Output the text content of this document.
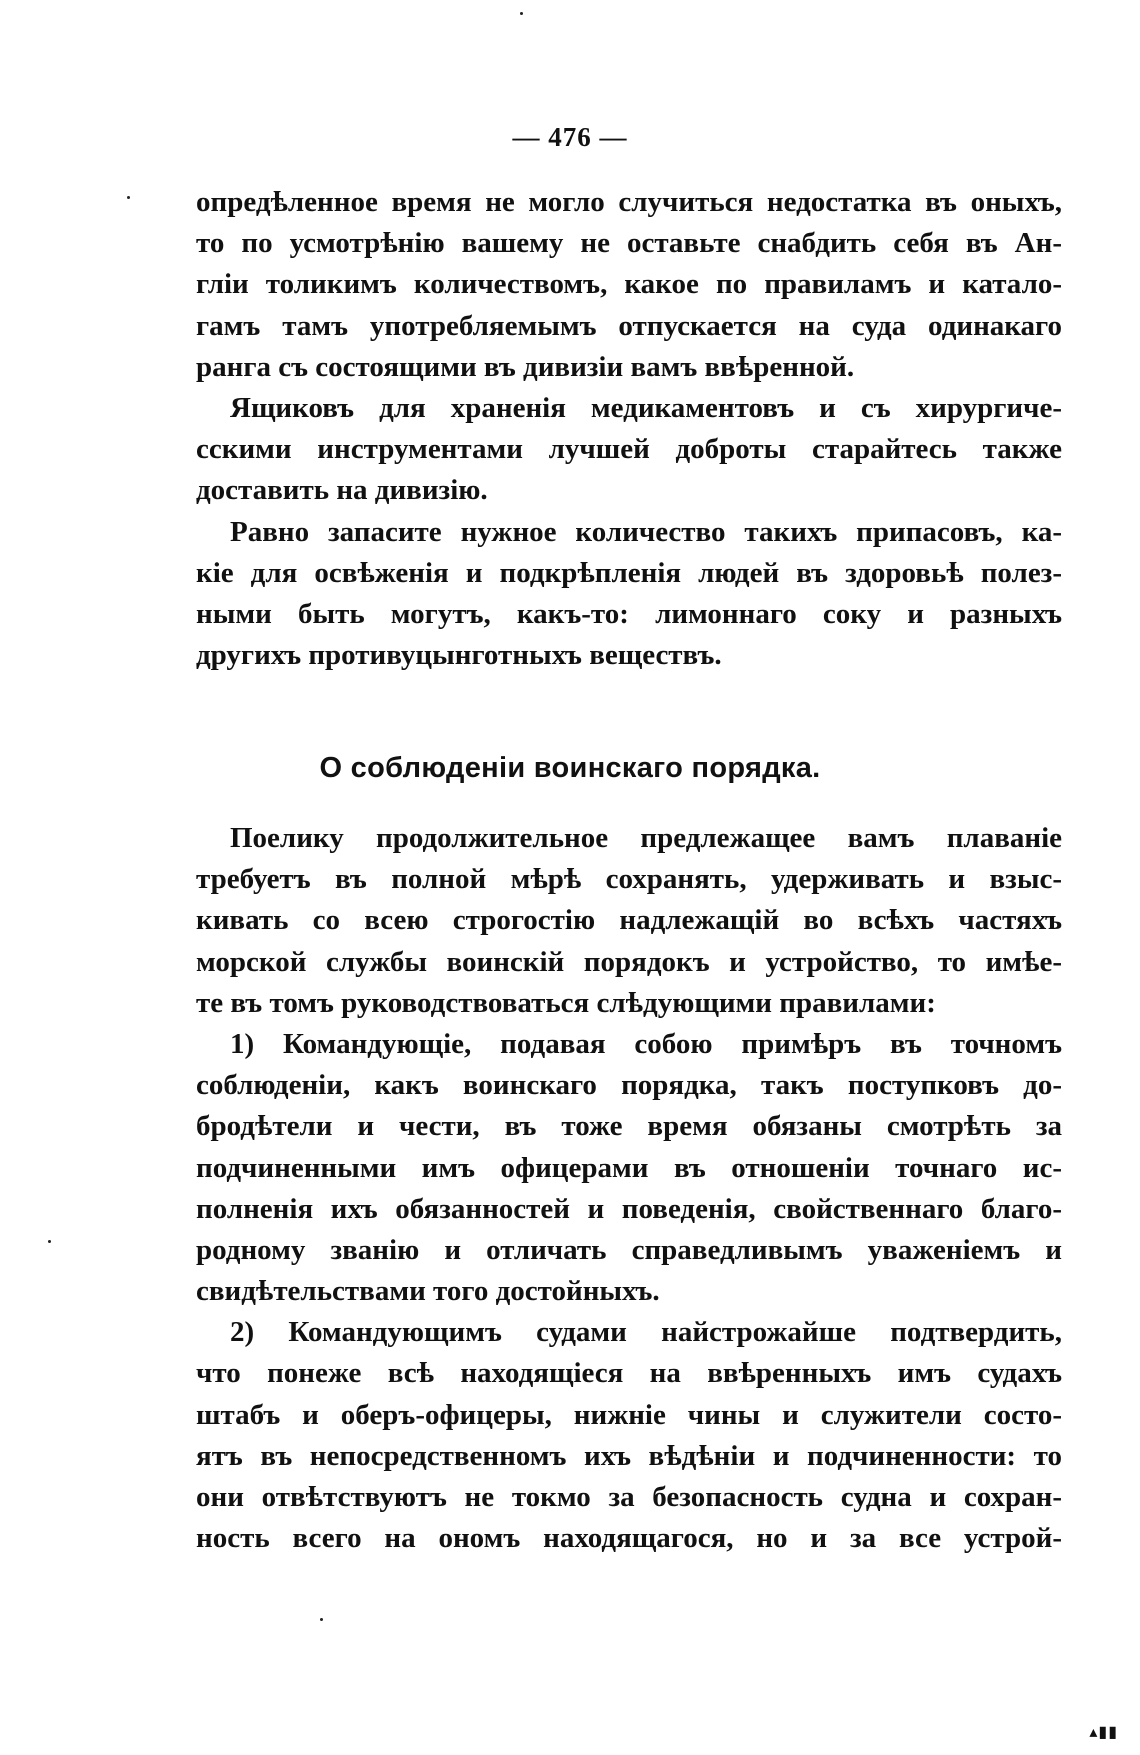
— 476 —
опредѣленное время не могло случиться недостатка въ оныхъ,
то по усмотрѣнію вашему не оставьте снабдить себя въ Ан-
гліи толикимъ количествомъ, какое по правиламъ и катало-
гамъ тамъ употребляемымъ отпускается на суда одинакаго
ранга съ состоящими въ дивизіи вамъ ввѣренной.
Ящиковъ для храненія медикаментовъ и съ хирургиче-
сскими инструментами лучшей доброты старайтесь также
доставить на дивизію.
Равно запасите нужное количество такихъ припасовъ, ка-
кіе для освѣженія и подкрѣпленія людей въ здоровьѣ полез-
ными быть могутъ, какъ-то: лимоннаго соку и разныхъ
другихъ противуцынготныхъ веществъ.
О соблюденіи воинскаго порядка.
Поелику продолжительное предлежащее вамъ плаваніе
требуетъ въ полной мѣрѣ сохранять, удерживать и взыс-
кивать со всею строгостію надлежащій во всѣхъ частяхъ
морской службы воинскій порядокъ и устройство, то имѣе-
те въ томъ руководствоваться слѣдующими правилами:
1) Командующіе, подавая собою примѣръ въ точномъ
соблюденіи, какъ воинскаго порядка, такъ поступковъ до-
бродѣтели и чести, въ тоже время обязаны смотрѣть за
подчиненными имъ офицерами въ отношеніи точнаго ис-
полненія ихъ обязанностей и поведенія, свойственнаго благо-
родному званію и отличать справедливымъ уваженіемъ и
свидѣтельствами того достойныхъ.
2) Командующимъ судами найстрожайше подтвердить,
что понеже всѣ находящіеся на ввѣренныхъ имъ судахъ
штабъ и оберъ-офицеры, нижніе чины и служители состо-
ятъ въ непосредственномъ ихъ вѣдѣніи и подчиненности: то
они отвѣтствуютъ не токмо за безопасность судна и сохран-
ность всего на ономъ находящагося, но и за все устрой-
▴▮▮
